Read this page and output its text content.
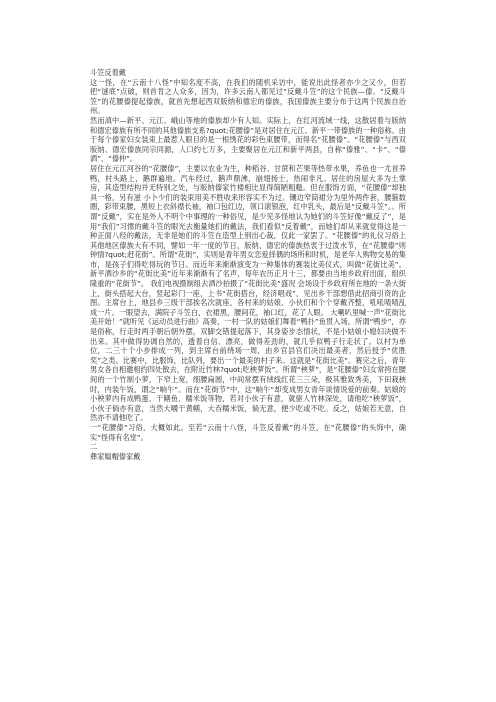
斗笠反着戴

这一怪，在“云南十八怪”中知名度不高，在我们的随机采访中，能说出此怪者亦少之又少，但若把“谜底”点破，则首肯之人众多，因为，许多云南人都见过“反戴斗笠”的这个民族—傣。“反戴斗笠”的花腰傣提起傣族，就首先想起西双版纳和德宏的傣族，我国傣族主要分布于这两个民族自治州。

然而滇中—新平、元江、峨山等地的傣族却少有人知。实际上，在红河流域一线，这散居着与版纳和德宏傣族有所不同的其他傣族支系?quot;花腰傣”是对居住在元江、新平一带傣族的一种俗称。由于每个傣家妇女装束上最惹人眼目的是一根绣花的彩色束腰带，而得名“花腰傣”。“花腰傣”与西双版纳、德宏傣族同宗同源，人口约七万多，主要聚居在元江和新平两县，自称“傣雅”、“卡”、“傣洒”、“傣仲”。

居住在元江河谷的“花腰傣”，主要以农业为生，种稻谷、甘蔗和芒果等热带水果，养鱼也一尤首养鸭，村头路上，鹅群遍地。汽车经过，鹅声鼎沸，崩翅扬士，热闹非凡。居住的房屋大多为土掌房，其造型结构并无特别之处，与版纳傣家竹楼相比显得简陋粗糙。但在服饰方面，“花腰傣”却独具一格，另有滋 小卜少们的装束用美不胜收来形容实不为过。镶边窄筒裙分为里外两件套，腰箍数圈，彩带束腰，黑短上衣斜襟长袖，袖口包红边，领口滚银泡，红中乳头，最后是“反戴斗笠”。。所谓“反戴”，实在是外人不明个中事理的一种俗见，是少见多怪地认为她们的斗笠好像“戴反了”，是用“我们”习惯的戴斗笠的眼光去衡量她们的戴法，我们看似“反着戴”，而她们却从来就觉得这是一种正面八经的戴法，无非是她们的斗笠在造型上别出心裁，仅此一家罢了。“花腰傣”的礼仪习俗上其他地区傣族大有不同，譬如一年一度的节日，版纳、德宏的傣族热衷于过泼水节，在“花腰傣”则钟情?quot;赶花街”。所谓“花街”，实则是青年男女恋爱择偶的场所和时机，是老年人购物交易的集市，是孩子们得吃得玩的节日。而近年来渐渐演变为一种集体的赛装比美仪式，叫做“花街比美”。新平洒沙乡的“花街比美”近年来渐渐有了名声，每年农历正月十三，都要由当地乡政府出面，组织隆重的“花街节”。 我们电视摄制组去洒沙拍摄了“花街比美”盛况 会场设于乡政府所在地的一条大街上，街头搭起大台，竖起彩门一座，上书“花街搭台，经济唱戏”，见出乡干部想借此招商引资的企图。主席台上，地县乡三级干部挨名次就座，各村来的姑娘、小伙们和个个穿戴齐整，吼吼喳喳乱成一片。一眼望去，满院子斗笠白，衣裙黑，腰间花，袖口红，花了人眼。 大喇叭里喊一声“花街比美开始！”就听见《运动员进行曲》高奏，一村一队的姑娘们舞着“鸭扑”鱼贯入场。所谓“鸭步”，亦是俗称，行走时两手朝后朝外摆，双脚交错提起落下，其身姿步态情状，不是小姑娘小媳妇决做不出来。其中做得协调自然的，透着自信、漂亮，做得差劲的，就几乎似鸭子行走状了。以村为单位，二三十个小步排成一列，到主席台前绕场一周，由乡官县官们决出最美者，然后授予“优胜奖”之类。比赛中，比服饰，比队列，要出一个最美的村子来。这就是“花街比美”。赛完之后，青年男女各自相邀相约四处散去，在附近竹林?quot;吃秧萝饭”。所谓“秧萝”，是“花腰傣”妇女常挎在腰间的一个竹制小萝，下窄上宽，细腰扁圆，中间常摆有绒线红花三三朵，极其雅致秀美，下田栽秧时，内装午饭，谓之“晌午”。而在“花街节”中，这“晌午”却变成男女青年谈情说爱的前奏。姑娘的小秧萝内有成鸭蛋、干鳝鱼、糯米饭等物，若对小伙子有意，就驱人竹林深处，请他吃“秧萝饭”，小伙子倘亦有意，当然大嚼干黄鳝，大吞糯米饭，倘无意，便少吃或不吃。反之，姑娘若无意，自然亦不请他吃了。

一“花腰傣”习俗，大概如此。至若“云南十八怪，斗笠反着戴”的斗笠，在“花腰傣”的头饰中，确实“怪得有名堂”。

二

彝家媪帽傣家戴
